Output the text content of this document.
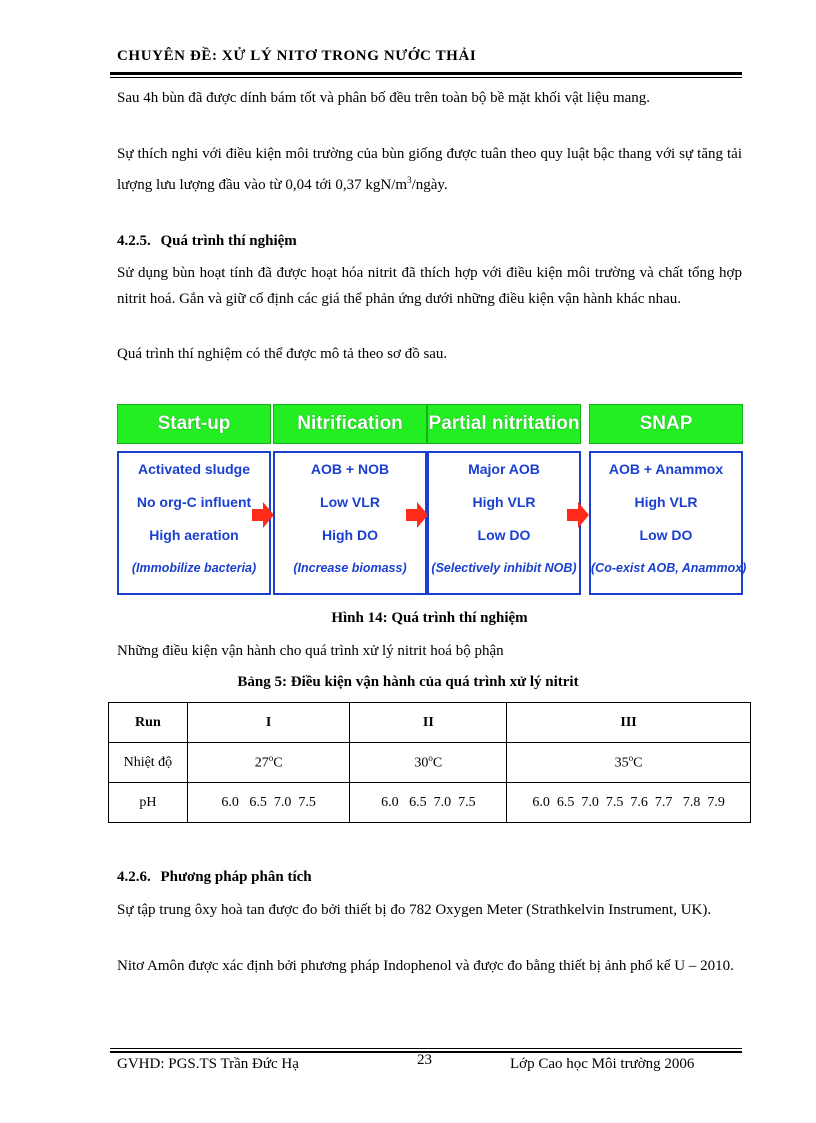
CHUYÊN ĐỀ: XỬ LÝ NITƠ TRONG NƯỚC THẢI
Sau 4h bùn đã được dính bám tốt và phân bố đều trên toàn bộ bề mặt khối vật liệu mang.
Sự thích nghi với điều kiện môi trường của bùn giống được tuân theo quy luật bậc thang với sự tăng tải lượng lưu lượng đầu vào từ 0,04 tới 0,37 kgN/$m^3$/ngày.
4.2.5. Quá trình thí nghiệm
Sử dụng bùn hoạt tính đã được hoạt hóa nitrit đã thích hợp với điều kiện môi trường và chất tổng hợp nitrit hoá. Gắn và giữ cố định các giá thể phản ứng dưới những điều kiện vận hành khác nhau.
Quá trình thí nghiệm có thể được mô tả theo sơ đồ sau.
Start-up
Activated sludge
No org-C influent
High aeration
(Immobilize bacteria)
Nitrification
AOB + NOB
Low VLR
High DO
(Increase biomass)
Partial nitritation
Major AOB
High VLR
Low DO
(Selectively inhibit NOB)
SNAP
AOB + Anammox
High VLR
Low DO
(Co-exist AOB, Anammox)
Hình 14: Quá trình thí nghiệm
Những điều kiện vận hành cho quá trình xử lý nitrit hoá bộ phận
Bảng 5: Điều kiện vận hành của quá trình xử lý nitrit
Run	I	II	III
Nhiệt độ	27$^o$C	30$^o$C	35$^o$C
pH	6.0   6.5  7.0  7.5	6.0   6.5  7.0  7.5	6.0  6.5  7.0  7.5  7.6  7.7   7.8  7.9
4.2.6. Phương pháp phân tích
Sự tập trung ôxy hoà tan được đo bởi thiết bị đo 782 Oxygen Meter (Strathkelvin Instrument, UK).
Nitơ Amôn được xác định bởi phương pháp Indophenol và được đo bằng thiết bị ảnh phổ kế U – 2010.
GVHD: PGS.TS Trần Đức Hạ	23	Lớp Cao học Môi trường 2006
